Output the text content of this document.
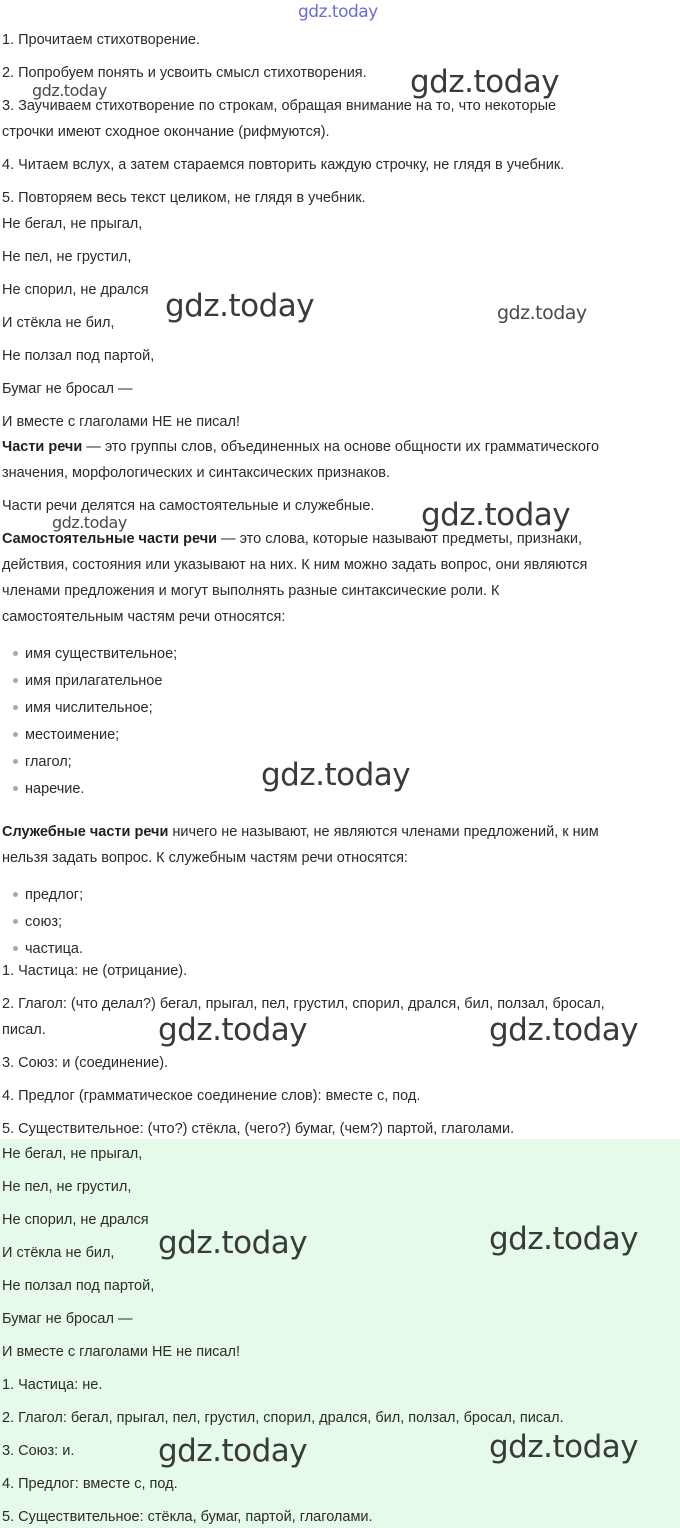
gdz.today
gdz.today	gdz.today
gdz.today	gdz.today
gdz.today
gdz.today
gdz.today
gdz.today	gdz.today
1. Прочитаем стихотворение.
2. Попробуем понять и усвоить смысл стихотворения.
3. Заучиваем стихотворение по строкам, обращая внимание на то, что некоторые
строчки имеют сходное окончание (рифмуются).
4. Читаем вслух, а затем стараемся повторить каждую строчку, не глядя в учебник.
5. Повторяем весь текст целиком, не глядя в учебник.
Не бегал, не прыгал,
Не пел, не грустил,
Не спорил, не дрался
И стёкла не бил,
Не ползал под партой,
Бумаг не бросал —
И вместе с глаголами НЕ не писал!
Части речи — это группы слов, объединенных на основе общности их грамматического
значения, морфологических и синтаксических признаков.
Части речи делятся на самостоятельные и служебные.
Самостоятельные части речи — это слова, которые называют предметы, признаки,
действия, состояния или указывают на них. К ним можно задать вопрос, они являются
членами предложения и могут выполнять разные синтаксические роли. К
самостоятельным частям речи относятся:
имя существительное;
имя прилагательное
имя числительное;
местоимение;
глагол;
наречие.
Служебные части речи ничего не называют, не являются членами предложений, к ним
нельзя задать вопрос. К служебным частям речи относятся:
предлог;
союз;
частица.
1. Частица: не (отрицание).
2. Глагол: (что делал?) бегал, прыгал, пел, грустил, спорил, дрался, бил, ползал, бросал,
писал.
3. Союз: и (соединение).
4. Предлог (грамматическое соединение слов): вместе с, под.
5. Существительное: (что?) стёкла, (чего?) бумаг, (чем?) партой, глаголами.
Не бегал, не прыгал,
Не пел, не грустил,
Не спорил, не дрался
И стёкла не бил,
Не ползал под партой,
Бумаг не бросал —
И вместе с глаголами НЕ не писал!
1. Частица: не.
2. Глагол: бегал, прыгал, пел, грустил, спорил, дрался, бил, ползал, бросал, писал.
3. Союз: и.
4. Предлог: вместе с, под.
5. Существительное: стёкла, бумаг, партой, глаголами.
gdz.today	gdz.today
gdz.today	gdz.today
